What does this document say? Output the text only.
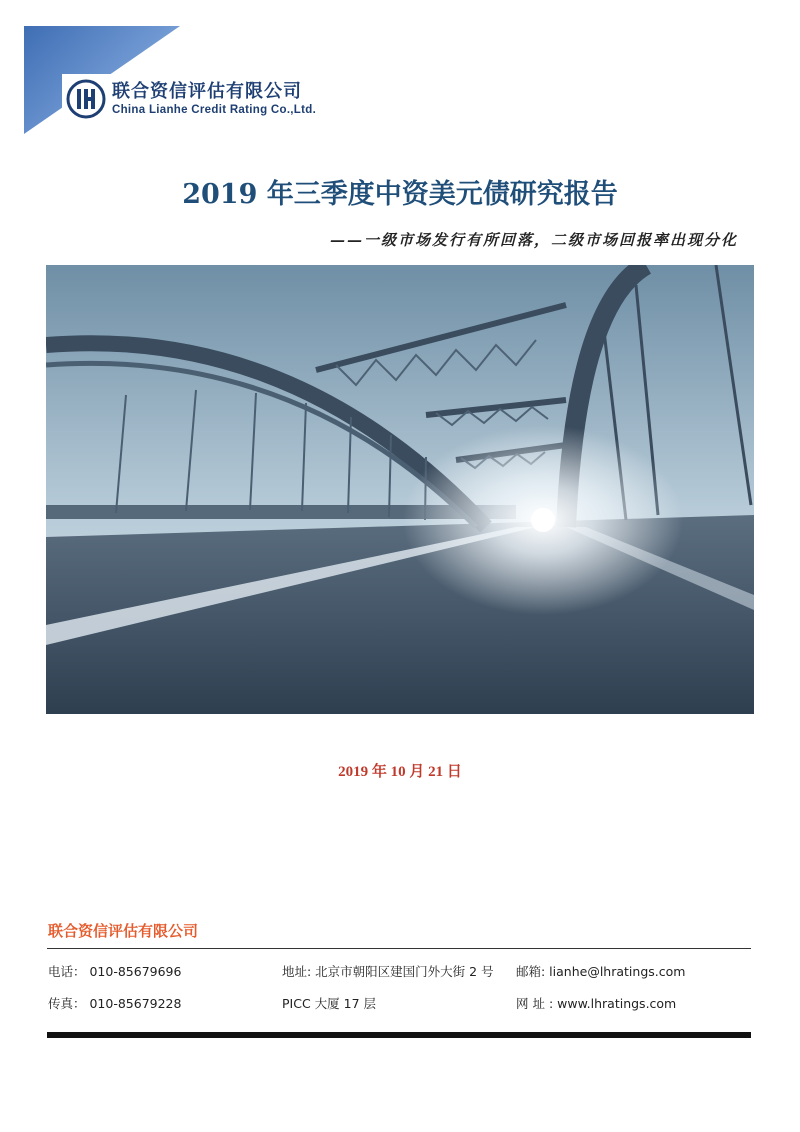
联合资信评估有限公司
China Lianhe Credit Rating Co.,Ltd.
2019 年三季度中资美元债研究报告
——一级市场发行有所回落，二级市场回报率出现分化
2019 年 10 月 21 日
联合资信评估有限公司
电话： 010-85679696	地址: 北京市朝阳区建国门外大街 2 号 邮箱: lianhe@lhratings.com
传真： 010-85679228	PICC 大厦 17 层	网 址 : www.lhratings.com
